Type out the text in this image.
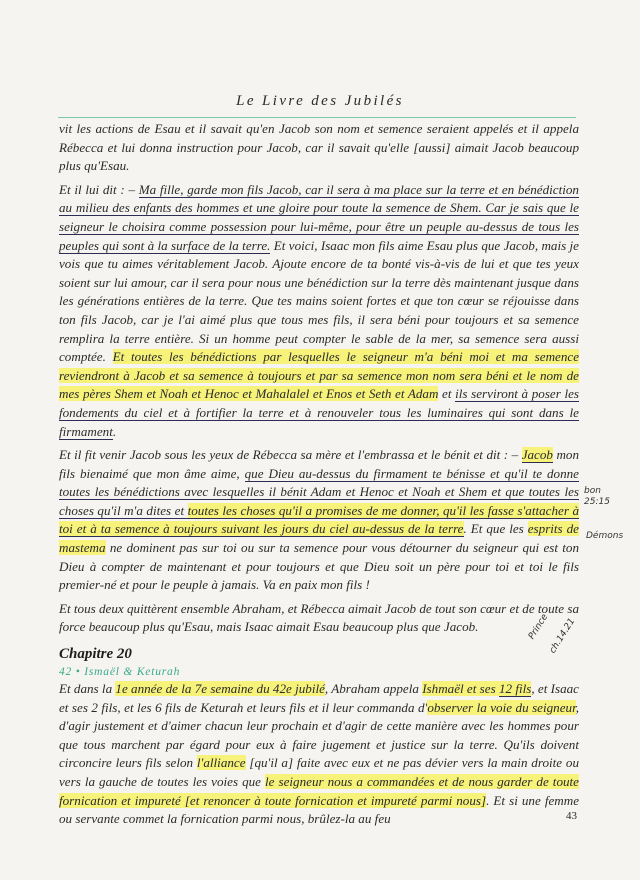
Le Livre des Jubilés

vit les actions de Esau et il savait qu'en Jacob son nom et semence seraient appelés et il appela Rébecca et lui donna instruction pour Jacob, car il savait qu'elle [aussi] aimait Jacob beaucoup plus qu'Esau.

Et il lui dit : – Ma fille, garde mon fils Jacob, car il sera à ma place sur la terre et en bénédiction au milieu des enfants des hommes et une gloire pour toute la semence de Shem. Car je sais que le seigneur le choisira comme possession pour lui-même, pour être un peuple au-dessus de tous les peuples qui sont à la surface de la terre. Et voici, Isaac mon fils aime Esau plus que Jacob, mais je vois que tu aimes véritablement Jacob. Ajoute encore de ta bonté vis-à-vis de lui et que tes yeux soient sur lui amour, car il sera pour nous une bénédiction sur la terre dès maintenant jusque dans les générations entières de la terre. Que tes mains soient fortes et que ton cœur se réjouisse dans ton fils Jacob, car je l'ai aimé plus que tous mes fils, il sera béni pour toujours et sa semence remplira la terre entière. Si un homme peut compter le sable de la mer, sa semence sera aussi comptée. Et toutes les bénédictions par lesquelles le seigneur m'a béni moi et ma semence reviendront à Jacob et sa semence à toujours et par sa semence mon nom sera béni et le nom de mes pères Shem et Noah et Henoc et Mahalalel et Enos et Seth et Adam et ils serviront à poser les fondements du ciel et à fortifier la terre et à renouveler tous les luminaires qui sont dans le firmament.

Et il fit venir Jacob sous les yeux de Rébecca sa mère et l'embrassa et le bénit et dit : – Jacob mon fils bienaimé que mon âme aime, que Dieu au-dessus du firmament te bénisse et qu'il te donne toutes les bénédictions avec lesquelles il bénit Adam et Henoc et Noah et Shem et que toutes les choses qu'il m'a dites et toutes les choses qu'il a promises de me donner, qu'il les fasse s'attacher à toi et à ta semence à toujours suivant les jours du ciel au-dessus de la terre. Et que les esprits de mastema ne dominent pas sur toi ou sur ta semence pour vous détourner du seigneur qui est ton Dieu à compter de maintenant et pour toujours et que Dieu soit un père pour toi et toi le fils premier-né et pour le peuple à jamais. Va en paix mon fils !

Et tous deux quittèrent ensemble Abraham, et Rébecca aimait Jacob de tout son cœur et de toute sa force beaucoup plus qu'Esau, mais Isaac aimait Esau beaucoup plus que Jacob.

Chapitre 20
42 • Ismaël & Keturah

Et dans la 1e année de la 7e semaine du 42e jubilé, Abraham appela Ishmaël et ses 12 fils, et Isaac et ses 2 fils, et les 6 fils de Keturah et leurs fils et il leur commanda d'observer la voie du seigneur, d'agir justement et d'aimer chacun leur prochain et d'agir de cette manière avec les hommes pour que tous marchent par égard pour eux à faire jugement et justice sur la terre. Qu'ils doivent circoncire leurs fils selon l'alliance [qu'il a] faite avec eux et ne pas dévier vers la main droite ou vers la gauche de toutes les voies que le seigneur nous a commandées et de nous garder de toute fornication et impureté [et renoncer à toute fornication et impureté parmi nous]. Et si une femme ou servante commet la fornication parmi nous, brûlez-la au feu

bon
25:15
Démons
Prince
ch.14.21
43
